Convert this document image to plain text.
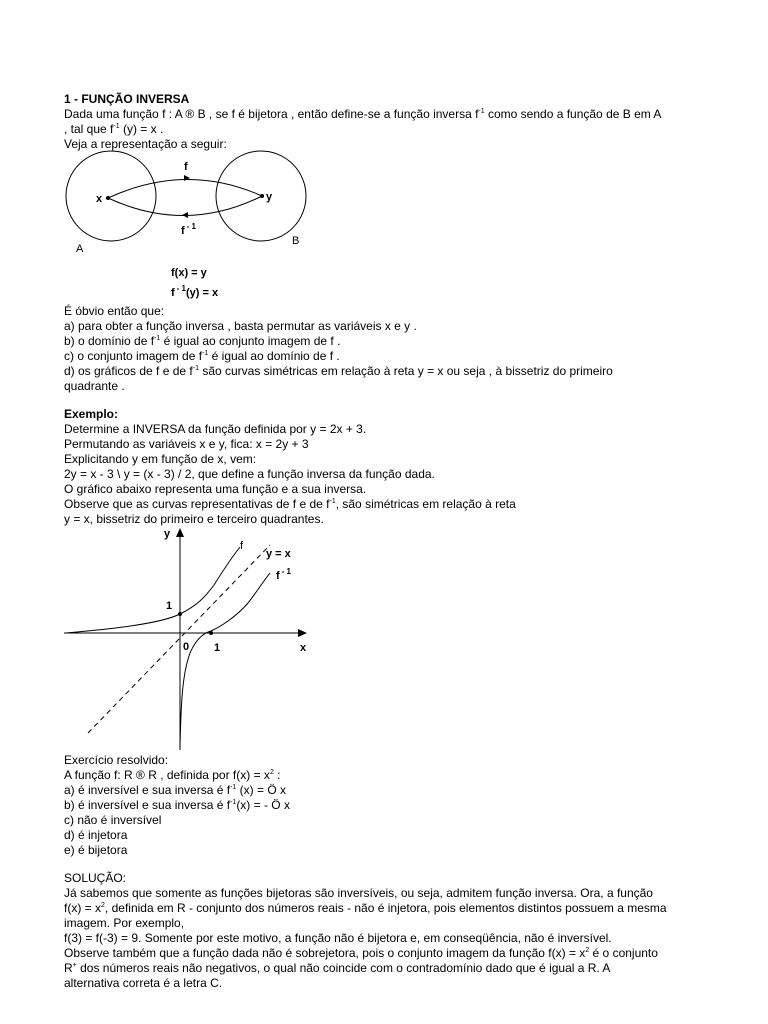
1 - FUNÇÃO INVERSA
Dada uma função f : A ® B , se f é bijetora , então define-se a função inversa $f^{-1}$ como sendo a função de B em A
, tal que $f^{-1}$ (y) = x .
Veja a representação a seguir:
f
f $^{- 1}$
x	y
A
B
f(x) = y
f $^{- 1}$(y) = x
É óbvio então que:
a) para obter a função inversa , basta permutar as variáveis x e y .
b) o domínio de $f^{-1}$ é igual ao conjunto imagem de f .
c) o conjunto imagem de $f^{-1}$ é igual ao domínio de f .
d) os gráficos de f e de $f^{-1}$ são curvas simétricas em relação à reta y = x ou seja , à bissetriz do primeiro
quadrante .
Exemplo:
Determine a INVERSA da função definida por y = 2x + 3.
Permutando as variáveis x e y, fica: x = 2y + 3
Explicitando y em função de x, vem:
2y = x - 3 \ y = (x - 3) / 2, que define a função inversa da função dada.
O gráfico abaixo representa uma função e a sua inversa.
Observe que as curvas representativas de f e de $f^{-1}$, são simétricas em relação à reta
y = x, bissetriz do primeiro e terceiro quadrantes.
y
x
f
y = x
f $^{- 1}$
1
0 1
Exercício resolvido:
A função f: R ® R , definida por $f(x) = x^2$ :
a) é inversível e sua inversa é $f^{-1}$ (x) = Ö x
b) é inversível e sua inversa é $f^{-1}(x)$ = - Ö x
c) não é inversível
d) é injetora
e) é bijetora
SOLUÇÃO:
Já sabemos que somente as funções bijetoras são inversíveis, ou seja, admitem função inversa. Ora, a função
$f(x) = x^2$, definida em R - conjunto dos números reais - não é injetora, pois elementos distintos possuem a mesma
imagem. Por exemplo,
f(3) = f(-3) = 9. Somente por este motivo, a função não é bijetora e, em conseqüência, não é inversível.
Observe também que a função dada não é sobrejetora, pois o conjunto imagem da função $f(x) = x^2$ é o conjunto
R+ dos números reais não negativos, o qual não coincide com o contradomínio dado que é igual a R. A
alternativa correta é a letra C.
